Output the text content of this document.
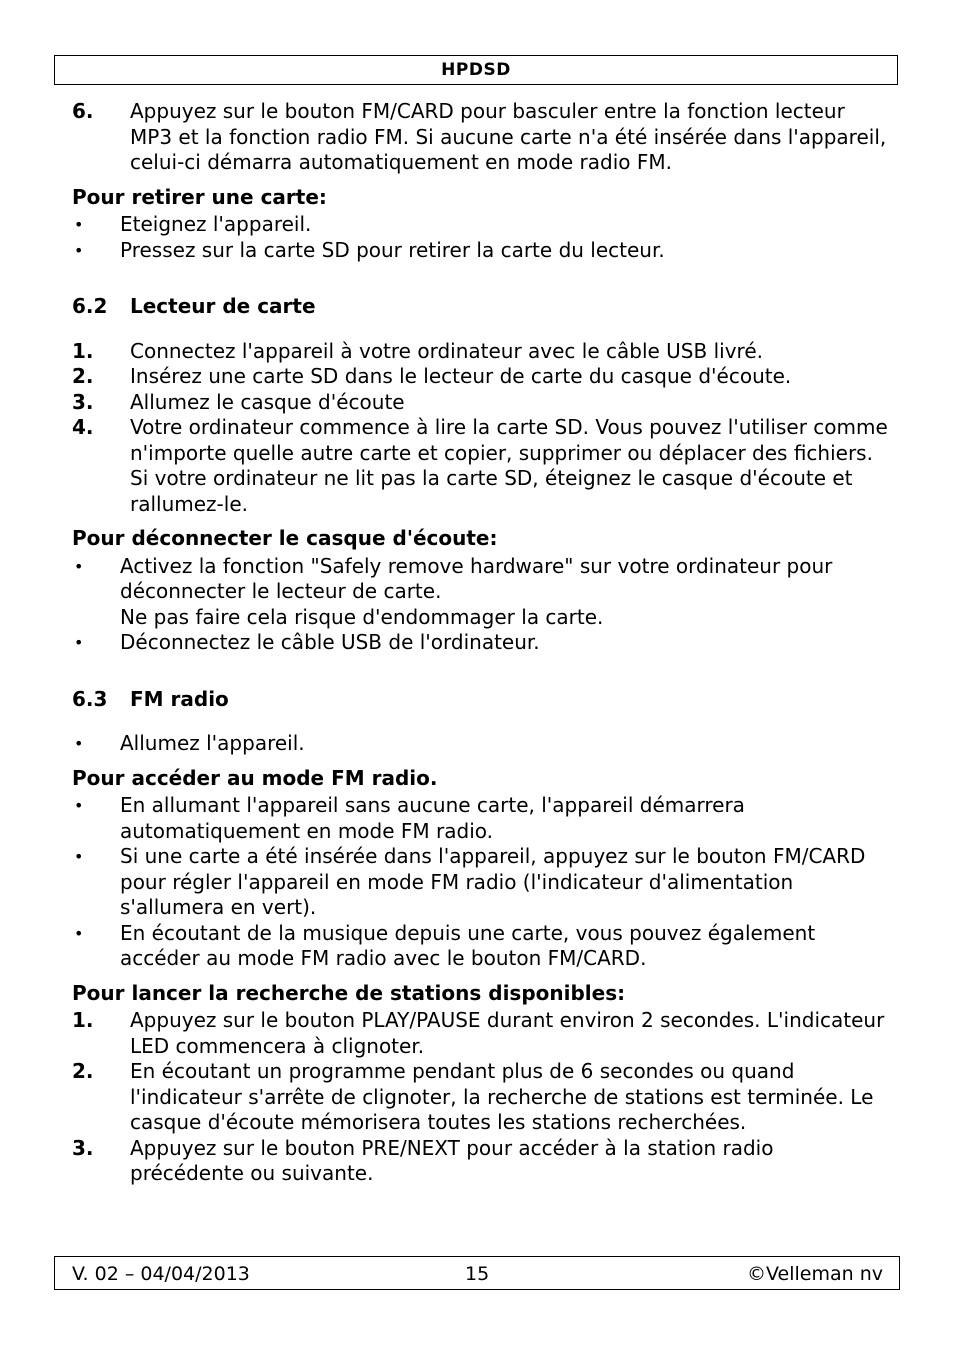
HPDSD
6.	Appuyez sur le bouton FM/CARD pour basculer entre la fonction lecteur MP3 et la fonction radio FM. Si aucune carte n'a été insérée dans l'appareil, celui-ci démarra automatiquement en mode radio FM.
Pour retirer une carte:
•	Eteignez l'appareil.
•	Pressez sur la carte SD pour retirer la carte du lecteur.
6.2	Lecteur de carte
1.	Connectez l'appareil à votre ordinateur avec le câble USB livré.
2.	Insérez une carte SD dans le lecteur de carte du casque d'écoute.
3.	Allumez le casque d'écoute
4.	Votre ordinateur commence à lire la carte SD. Vous pouvez l'utiliser comme n'importe quelle autre carte et copier, supprimer ou déplacer des fichiers. Si votre ordinateur ne lit pas la carte SD, éteignez le casque d'écoute et rallumez-le.
Pour déconnecter le casque d'écoute:
•	Activez la fonction "Safely remove hardware" sur votre ordinateur pour déconnecter le lecteur de carte.
Ne pas faire cela risque d'endommager la carte.
•	Déconnectez le câble USB de l'ordinateur.
6.3	FM radio
•	Allumez l'appareil.
Pour accéder au mode FM radio.
•	En allumant l'appareil sans aucune carte, l'appareil démarrera automatiquement en mode FM radio.
•	Si une carte a été insérée dans l'appareil, appuyez sur le bouton FM/CARD pour régler l'appareil en mode FM radio (l'indicateur d'alimentation s'allumera en vert).
•	En écoutant de la musique depuis une carte, vous pouvez également accéder au mode FM radio avec le bouton FM/CARD.
Pour lancer la recherche de stations disponibles:
1.	Appuyez sur le bouton PLAY/PAUSE durant environ 2 secondes. L'indicateur LED commencera à clignoter.
2.	En écoutant un programme pendant plus de 6 secondes ou quand l'indicateur s'arrête de clignoter, la recherche de stations est terminée. Le casque d'écoute mémorisera toutes les stations recherchées.
3.	Appuyez sur le bouton PRE/NEXT pour accéder à la station radio précédente ou suivante.
V. 02 – 04/04/2013	15	©Velleman nv
